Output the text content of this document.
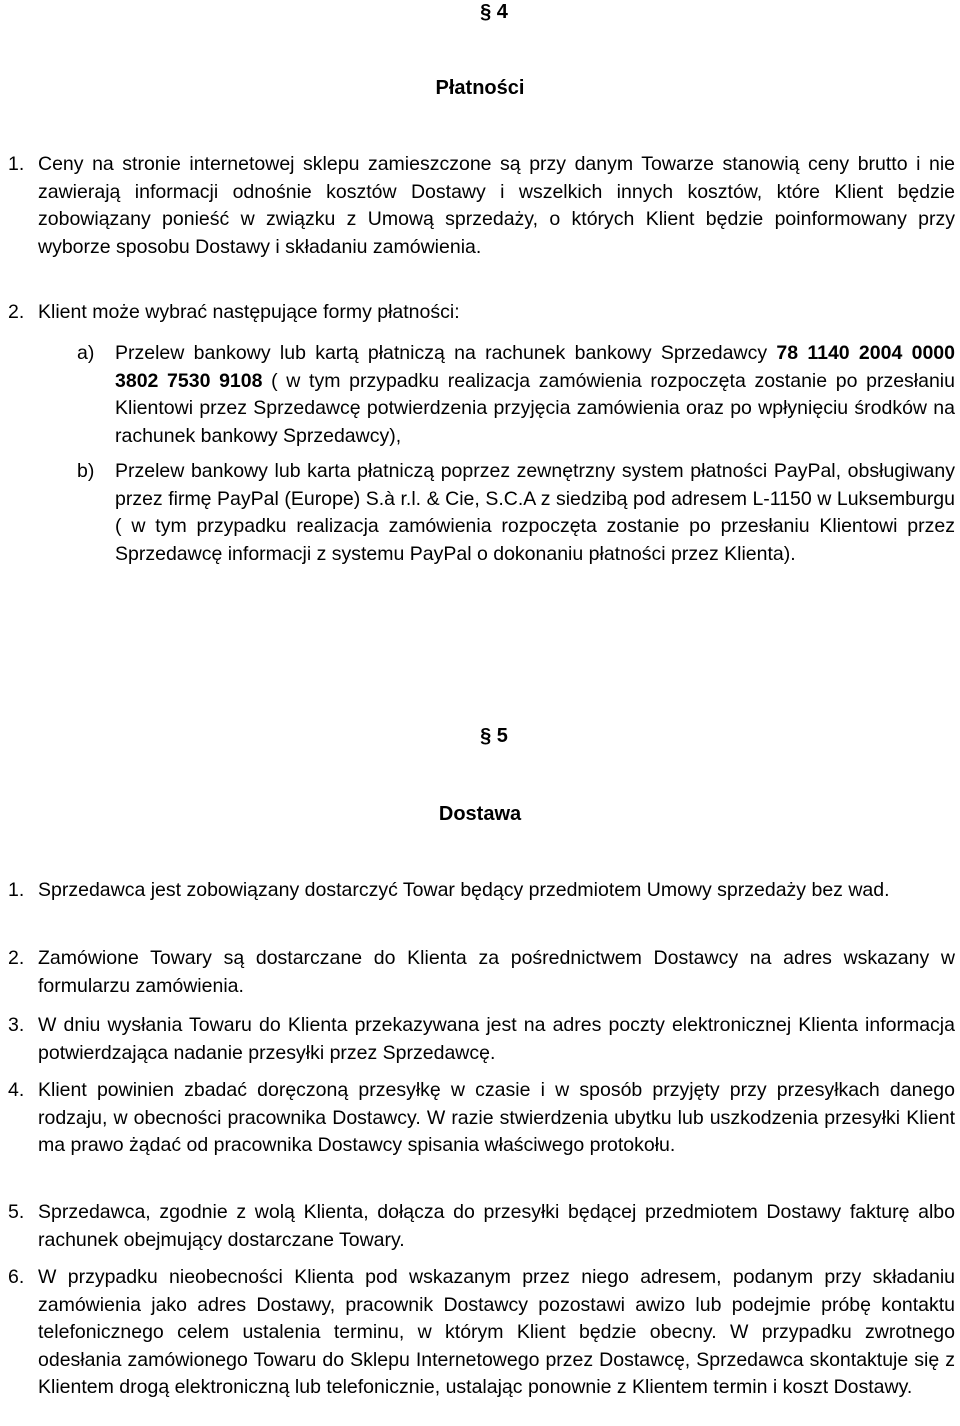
§ 4
Płatności
1. Ceny na stronie internetowej sklepu zamieszczone są przy danym Towarze stanowią ceny brutto i nie zawierają informacji odnośnie kosztów Dostawy i wszelkich innych kosztów, które Klient będzie zobowiązany ponieść w związku z Umową sprzedaży, o których Klient będzie poinformowany przy wyborze sposobu Dostawy i składaniu zamówienia.

2. Klient może wybrać następujące formy płatności:

a) Przelew bankowy lub kartą płatniczą na rachunek bankowy Sprzedawcy 78 1140 2004 0000 3802 7530 9108 ( w tym przypadku realizacja zamówienia rozpoczęta zostanie po przesłaniu Klientowi przez Sprzedawcę potwierdzenia przyjęcia zamówienia oraz po wpłynięciu środków na rachunek bankowy Sprzedawcy),

b) Przelew bankowy lub karta płatniczą poprzez zewnętrzny system płatności PayPal, obsługiwany przez firmę PayPal (Europe) S.à r.l. & Cie, S.C.A z siedzibą pod adresem L-1150 w Luksemburgu ( w tym przypadku realizacja zamówienia rozpoczęta zostanie po przesłaniu Klientowi przez Sprzedawcę informacji z systemu PayPal o dokonaniu płatności przez Klienta).

§ 5
Dostawa
1. Sprzedawca jest zobowiązany dostarczyć Towar będący przedmiotem Umowy sprzedaży bez wad.

2. Zamówione Towary są dostarczane do Klienta za pośrednictwem Dostawcy na adres wskazany w formularzu zamówienia.

3. W dniu wysłania Towaru do Klienta przekazywana jest na adres poczty elektronicznej Klienta informacja potwierdzająca nadanie przesyłki przez Sprzedawcę.

4. Klient powinien zbadać doręczoną przesyłkę w czasie i w sposób przyjęty przy przesyłkach danego rodzaju, w obecności pracownika Dostawcy. W razie stwierdzenia ubytku lub uszkodzenia przesyłki Klient ma prawo żądać od pracownika Dostawcy spisania właściwego protokołu.

5. Sprzedawca, zgodnie z wolą Klienta, dołącza do przesyłki będącej przedmiotem Dostawy fakturę albo rachunek obejmujący dostarczane Towary.

6. W przypadku nieobecności Klienta pod wskazanym przez niego adresem, podanym przy składaniu zamówienia jako adres Dostawy, pracownik Dostawcy pozostawi awizo lub podejmie próbę kontaktu telefonicznego celem ustalenia terminu, w którym Klient będzie obecny. W przypadku zwrotnego odesłania zamówionego Towaru do Sklepu Internetowego przez Dostawcę, Sprzedawca skontaktuje się z Klientem drogą elektroniczną lub telefonicznie, ustalając ponownie z Klientem termin i koszt Dostawy.
